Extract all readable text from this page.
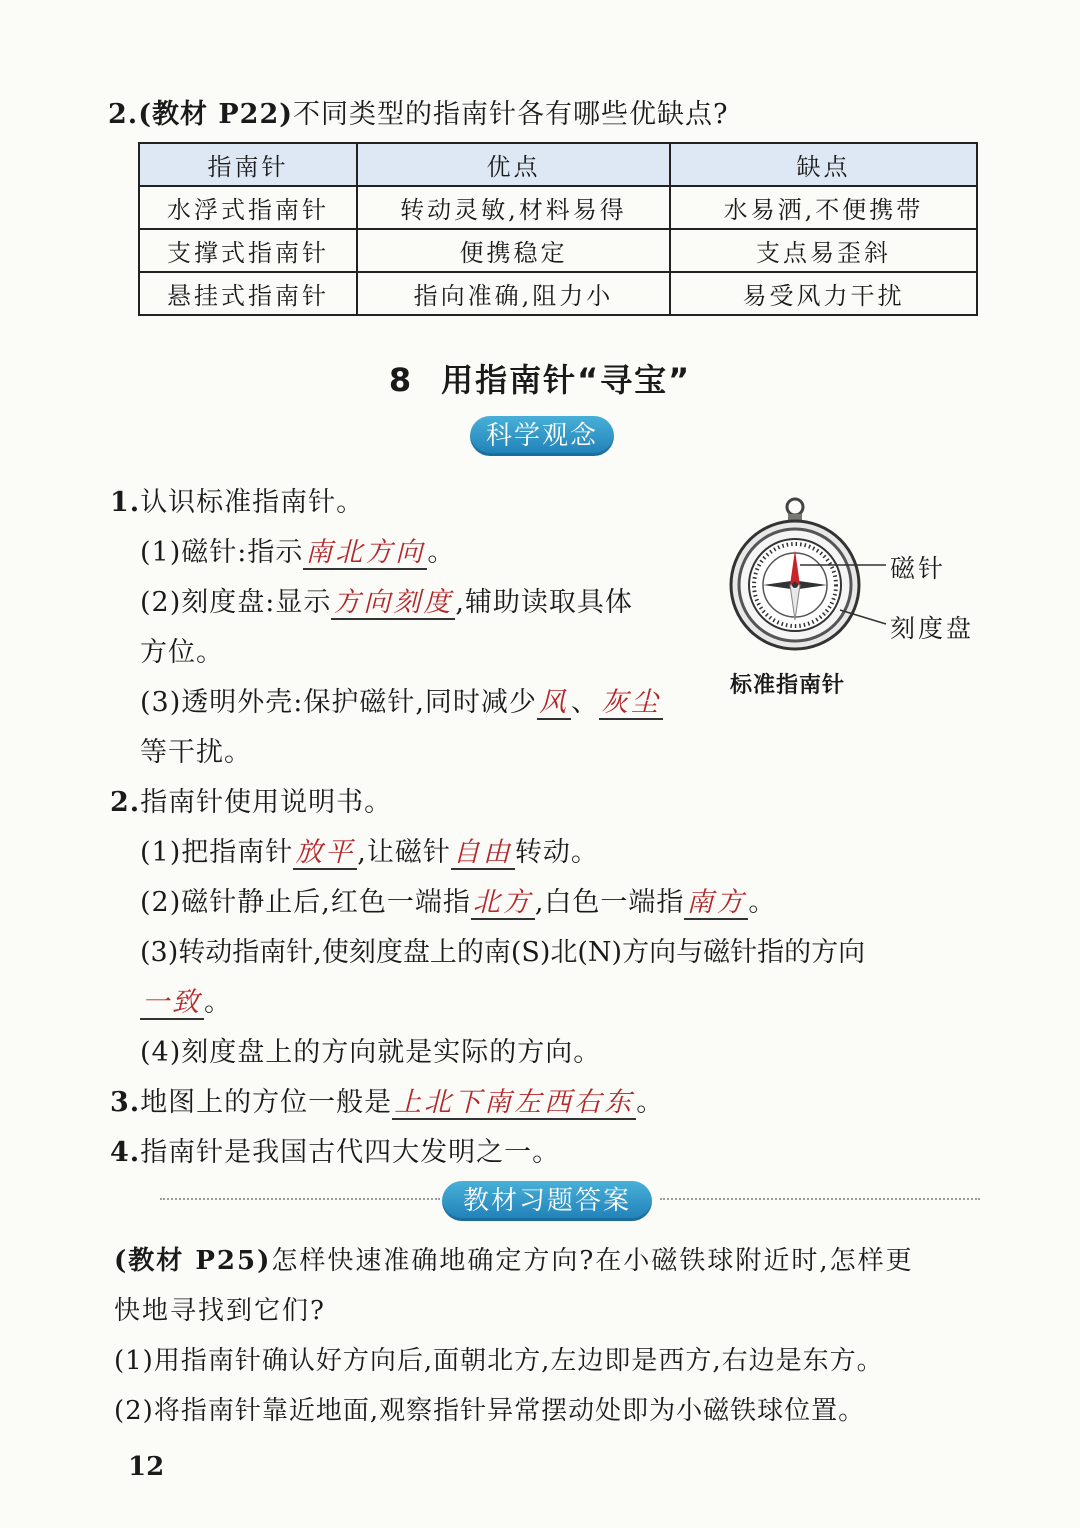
2.(教材 P22)不同类型的指南针各有哪些优缺点?
指南针	优点	缺点
水浮式指南针	转动灵敏,材料易得	水易洒,不便携带
支撑式指南针	便携稳定	支点易歪斜
悬挂式指南针	指向准确,阻力小	易受风力干扰
8 用指南针“寻宝”
科学观念
1.认识标准指南针。
(1)磁针:指示南北方向。
(2)刻度盘:显示方向刻度,辅助读取具体
方位。
(3)透明外壳:保护磁针,同时减少风、灰尘
等干扰。
磁针
刻度盘
标准指南针
2.指南针使用说明书。
(1)把指南针放平,让磁针自由转动。
(2)磁针静止后,红色一端指北方,白色一端指南方。
(3)转动指南针,使刻度盘上的南(S)北(N)方向与磁针指的方向
一致。
(4)刻度盘上的方向就是实际的方向。
3.地图上的方位一般是上北下南左西右东。
4.指南针是我国古代四大发明之一。
教材习题答案
(教材 P25)怎样快速准确地确定方向?在小磁铁球附近时,怎样更
快地寻找到它们?
(1)用指南针确认好方向后,面朝北方,左边即是西方,右边是东方。
(2)将指南针靠近地面,观察指针异常摆动处即为小磁铁球位置。
12
